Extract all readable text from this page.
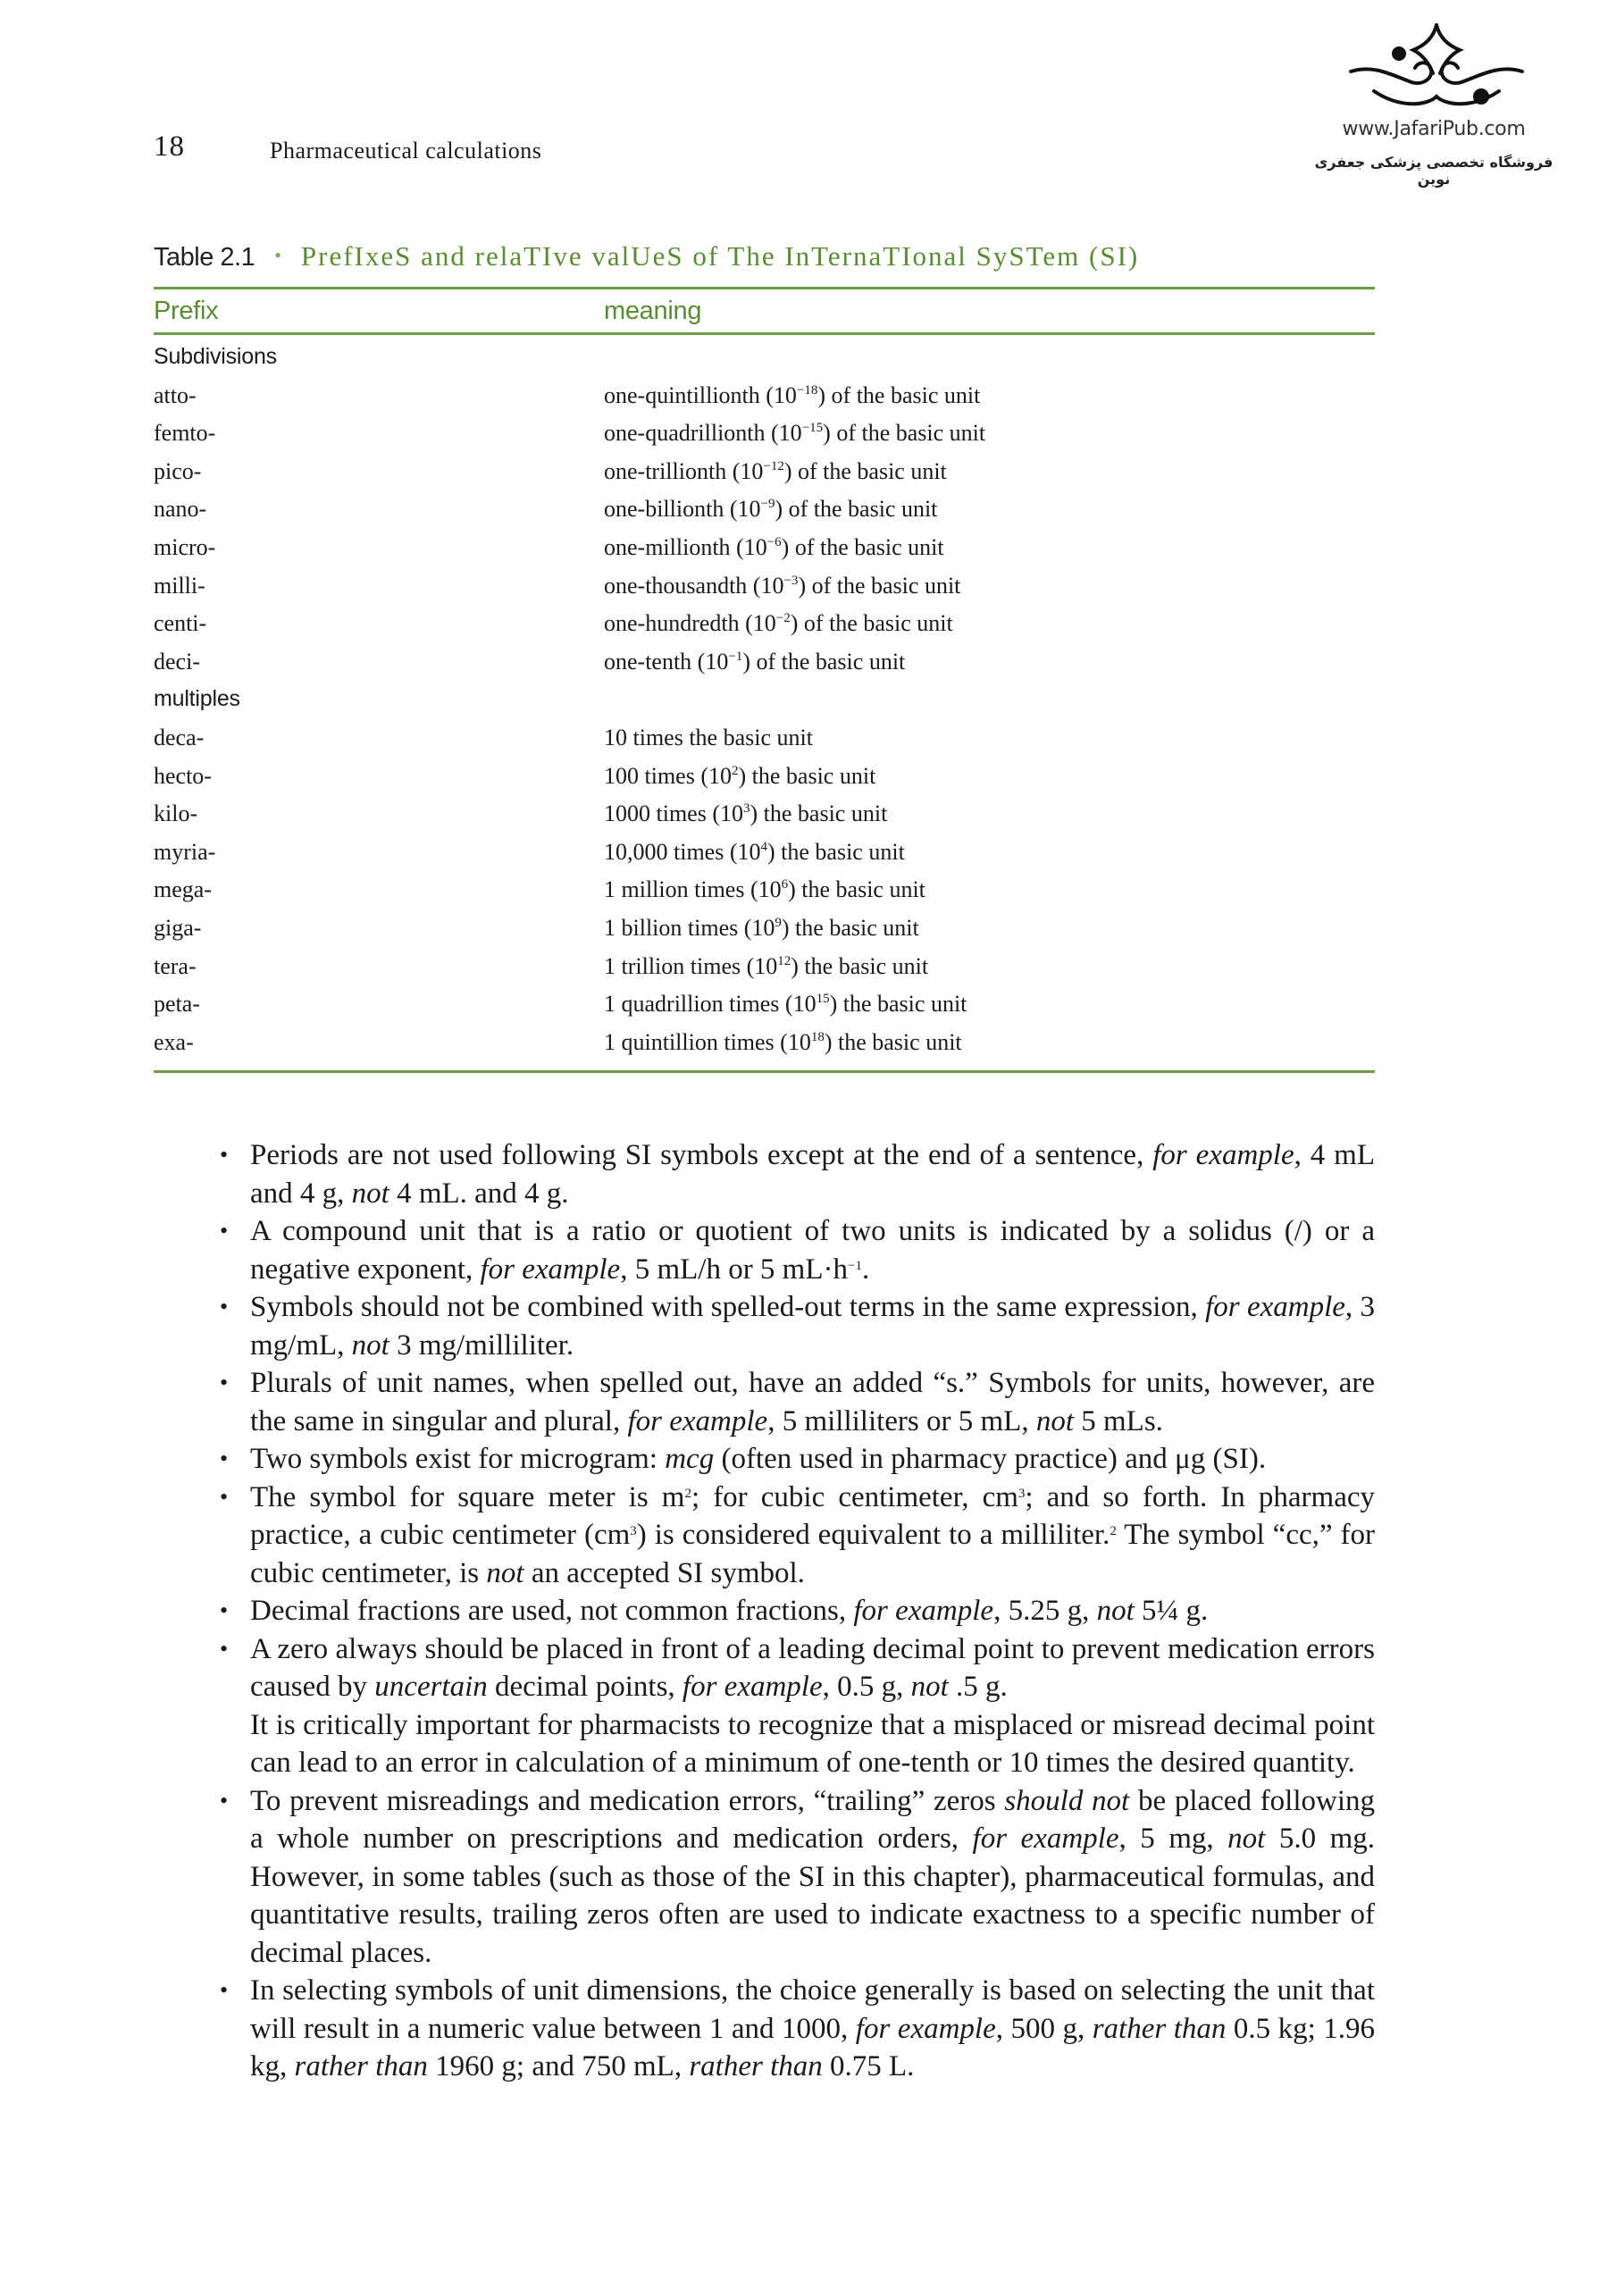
18	Pharmaceutical calculations
www.JafariPub.com
فروشگاه تخصصی پزشکی جعفری نوین
Table 2.1 • PrefIxeS and relaTIve valUeS of The InTernaTIonal SySTem (SI)
Prefix	meaning
Subdivisions
atto-	one-quintillionth $(10^{-18})$ of the basic unit
femto-	one-quadrillionth $(10^{-15})$ of the basic unit
pico-	one-trillionth $(10^{-12})$ of the basic unit
nano-	one-billionth $(10^{-9})$ of the basic unit
micro-	one-millionth $(10^{-6})$ of the basic unit
milli-	one-thousandth $(10^{-3})$ of the basic unit
centi-	one-hundredth $(10^{-2})$ of the basic unit
deci-	one-tenth $(10^{-1})$ of the basic unit
multiples
deca-	10 times the basic unit
hecto-	100 times $(10^2)$ the basic unit
kilo-	1000 times $(10^3)$ the basic unit
myria-	10,000 times $(10^4)$ the basic unit
mega-	1 million times $(10^6)$ the basic unit
giga-	1 billion times $(10^9)$ the basic unit
tera-	1 trillion times $(10^{12})$ the basic unit
peta-	1 quadrillion times $(10^{15})$ the basic unit
exa-	1 quintillion times $(10^{18})$ the basic unit
• Periods are not used following SI symbols except at the end of a sentence, for example, 4 mL and 4 g, not 4 mL. and 4 g.

• A compound unit that is a ratio or quotient of two units is indicated by a solidus (/) or a negative exponent, for example, 5 mL/h or 5 $mL\cdot h^{-1}$.

• Symbols should not be combined with spelled-out terms in the same expression, for example, 3 mg/mL, not 3 mg/milliliter.

• Plurals of unit names, when spelled out, have an added “s.” Symbols for units, however, are the same in singular and plural, for example, 5 milliliters or 5 mL, not 5 mLs.

• Two symbols exist for microgram: mcg (often used in pharmacy practice) and μg (SI).

• The symbol for square meter is $m^2$; for cubic centimeter, $cm^3$; and so forth. In pharmacy practice, a cubic centimeter $(cm^3)$ is considered equivalent to a milliliter.$^2$ The symbol “cc,” for cubic centimeter, is not an accepted SI symbol.

• Decimal fractions are used, not common fractions, for example, 5.25 g, not 5¼ g.

• A zero always should be placed in front of a leading decimal point to prevent medication errors caused by uncertain decimal points, for example, 0.5 g, not .5 g.

It is critically important for pharmacists to recognize that a misplaced or misread decimal point can lead to an error in calculation of a minimum of one-tenth or 10 times the desired quantity.

• To prevent misreadings and medication errors, “trailing” zeros should not be placed following a whole number on prescriptions and medication orders, for example, 5 mg, not 5.0 mg. However, in some tables (such as those of the SI in this chapter), pharmaceutical formulas, and quantitative results, trailing zeros often are used to indicate exactness to a specific number of decimal places.

• In selecting symbols of unit dimensions, the choice generally is based on selecting the unit that will result in a numeric value between 1 and 1000, for example, 500 g, rather than 0.5 kg; 1.96 kg, rather than 1960 g; and 750 mL, rather than 0.75 L.
